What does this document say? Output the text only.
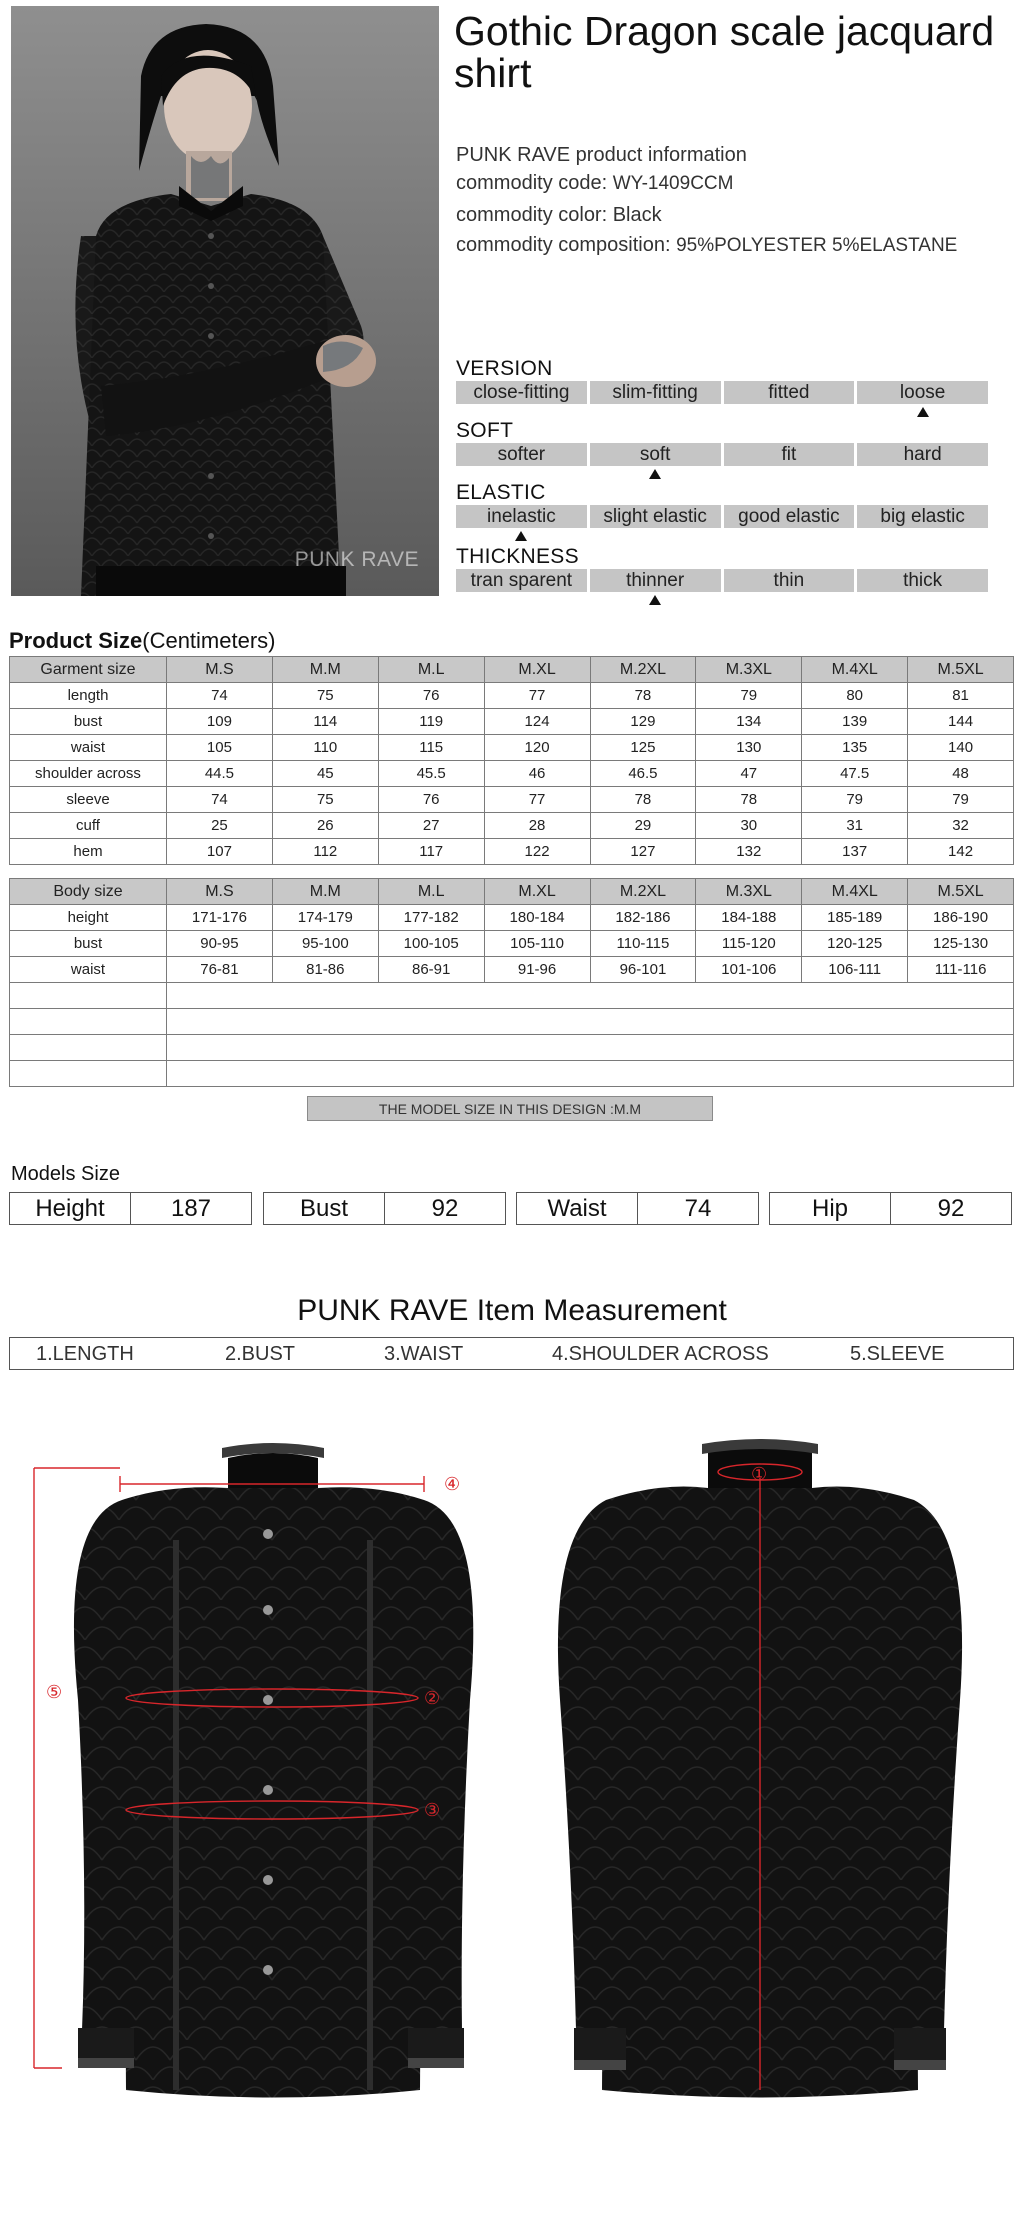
PUNK RAVE
Gothic Dragon scale jacquard shirt
PUNK RAVE product information
commodity code: WY-1409CCM
commodity color: Black
commodity composition: 95%POLYESTER 5%ELASTANE
VERSION
close-fitting	slim-fitting	fitted	loose
SOFT
softer	soft	fit	hard
ELASTIC
inelastic	slight elastic	good elastic	big elastic
THICKNESS
tran sparent	thinner	thin	thick
Product Size(Centimeters)
Garment size	M.S	M.M	M.L	M.XL	M.2XL	M.3XL	M.4XL	M.5XL
length	74	75	76	77	78	79	80	81
bust	109	114	119	124	129	134	139	144
waist	105	110	115	120	125	130	135	140
shoulder across	44.5	45	45.5	46	46.5	47	47.5	48
sleeve	74	75	76	77	78	78	79	79
cuff	25	26	27	28	29	30	31	32
hem	107	112	117	122	127	132	137	142
Body size	M.S	M.M	M.L	M.XL	M.2XL	M.3XL	M.4XL	M.5XL
height	171-176	174-179	177-182	180-184	182-186	184-188	185-189	186-190
bust	90-95	95-100	100-105	105-110	110-115	115-120	120-125	125-130
waist	76-81	81-86	86-91	91-96	96-101	101-106	106-111	111-116

THE MODEL SIZE IN THIS DESIGN :M.M
Models Size
Height	187	Bust	92	Waist	74	Hip	92
PUNK RAVE Item Measurement
1.LENGTH	2.BUST	3.WAIST	4.SHOULDER ACROSS	5.SLEEVE
④
②
③
⑤
①
